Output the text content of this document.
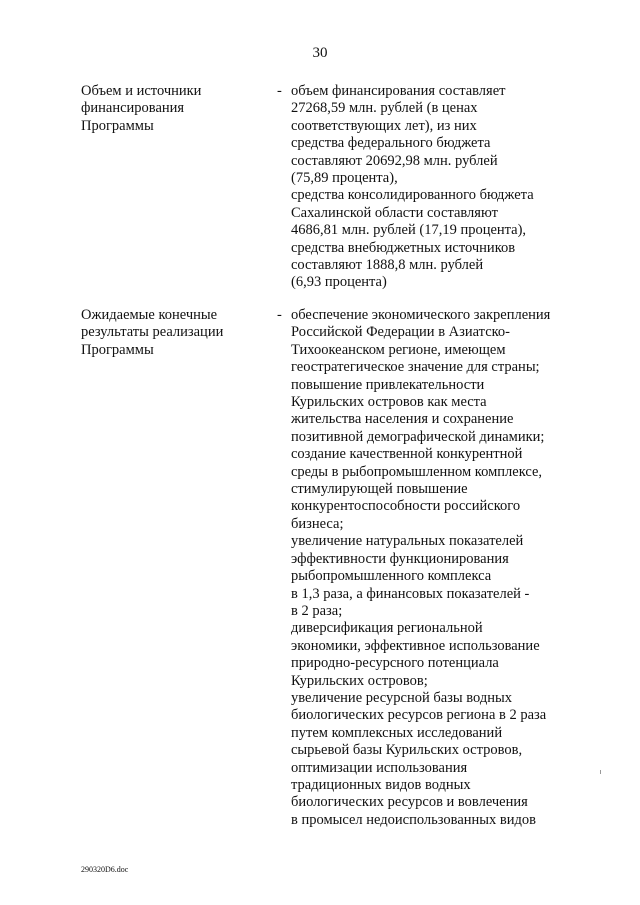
30
Объем и источники
финансирования
Программы
- объем финансирования составляет
27268,59 млн. рублей (в ценах
соответствующих лет), из них
средства федерального бюджета
составляют 20692,98 млн. рублей
(75,89 процента),
средства консолидированного бюджета
Сахалинской области составляют
4686,81 млн. рублей (17,19 процента),
средства внебюджетных источников
составляют 1888,8 млн. рублей
(6,93 процента)
Ожидаемые конечные
результаты реализации
Программы
- обеспечение экономического закрепления
Российской Федерации в Азиатско-
Тихоокеанском регионе, имеющем
геостратегическое значение для страны;
повышение привлекательности
Курильских островов как места
жительства населения и сохранение
позитивной демографической динамики;
создание качественной конкурентной
среды в рыбопромышленном комплексе,
стимулирующей повышение
конкурентоспособности российского
бизнеса;
увеличение натуральных показателей
эффективности функционирования
рыбопромышленного комплекса
в 1,3 раза, а финансовых показателей -
в 2 раза;
диверсификация региональной
экономики, эффективное использование
природно-ресурсного потенциала
Курильских островов;
увеличение ресурсной базы водных
биологических ресурсов региона в 2 раза
путем комплексных исследований
сырьевой базы Курильских островов,
оптимизации использования
традиционных видов водных
биологических ресурсов и вовлечения
в промысел недоиспользованных видов
290320D6.doc
